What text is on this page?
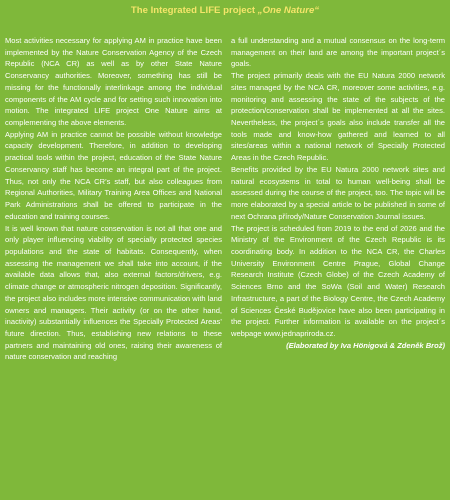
The Integrated LIFE project „One Nature“

Most activities necessary for applying AM in practice have been implemented by the Nature Conservation Agency of the Czech Republic (NCA CR) as well as by other State Nature Conservancy authorities. Moreover, something has still be missing for the functionally interlinkage among the individual components of the AM cycle and for setting such innovation into motion. The integrated LIFE project One Nature aims at complementing the above elements.

Applying AM in practice cannot be possible without knowledge capacity development. Therefore, in addition to developing practical tools within the project, education of the State Nature Conservancy staff has become an integral part of the project. Thus, not only the NCA CR’s staff, but also colleagues from Regional Authorities, Military Training Area Offices and National Park Administrations shall be offered to participate in the education and training courses.

It is well known that nature conservation is not all that one and only player influencing viability of specially protected species populations and the state of habitats. Consequently, when assessing the management we shall take into account, if the available data allows that, also external factors/drivers, e.g. climate change or atmospheric nitrogen deposition. Significantly, the project also includes more intensive communication with land owners and managers. Their activity (or on the other hand, inactivity) substantially influences the Specially Protected Areas’ future direction. Thus, establishing new relations to these partners and maintaining old ones, raising their awareness of nature conservation and reaching

a full understanding and a mutual consensus on the long-term management on their land are among the important project´s goals.

The project primarily deals with the EU Natura 2000 network sites managed by the NCA CR, moreover some activities, e.g. monitoring and assessing the state of the subjects of the protection/conservation shall be implemented at all the sites. Nevertheless, the project´s goals also include transfer all the tools made and know-how gathered and learned to all sites/areas within a national network of Specially Protected Areas in the Czech Republic.

Benefits provided by the EU Natura 2000 network sites and natural ecosystems in total to human well-being shall be assessed during the course of the project, too. The topic will be more elaborated by a special article to be published in some of next Ochrana přírody/Nature Conservation Journal issues.

The project is scheduled from 2019 to the end of 2026 and the Ministry of the Environment of the Czech Republic is its coordinating body. In addition to the NCA CR, the Charles University Environment Centre Prague, Global Change Research Institute (Czech Globe) of the Czech Academy of Sciences Brno and the SoWa (Soil and Water) Research Infrastructure, a part of the Biology Centre, the Czech Academy of Sciences České Budějovice have also been participating in the project. Further information is available on the project´s webpage www.jednapriroda.cz.

(Elaborated by Iva Hönigová & Zdeněk Brož)
